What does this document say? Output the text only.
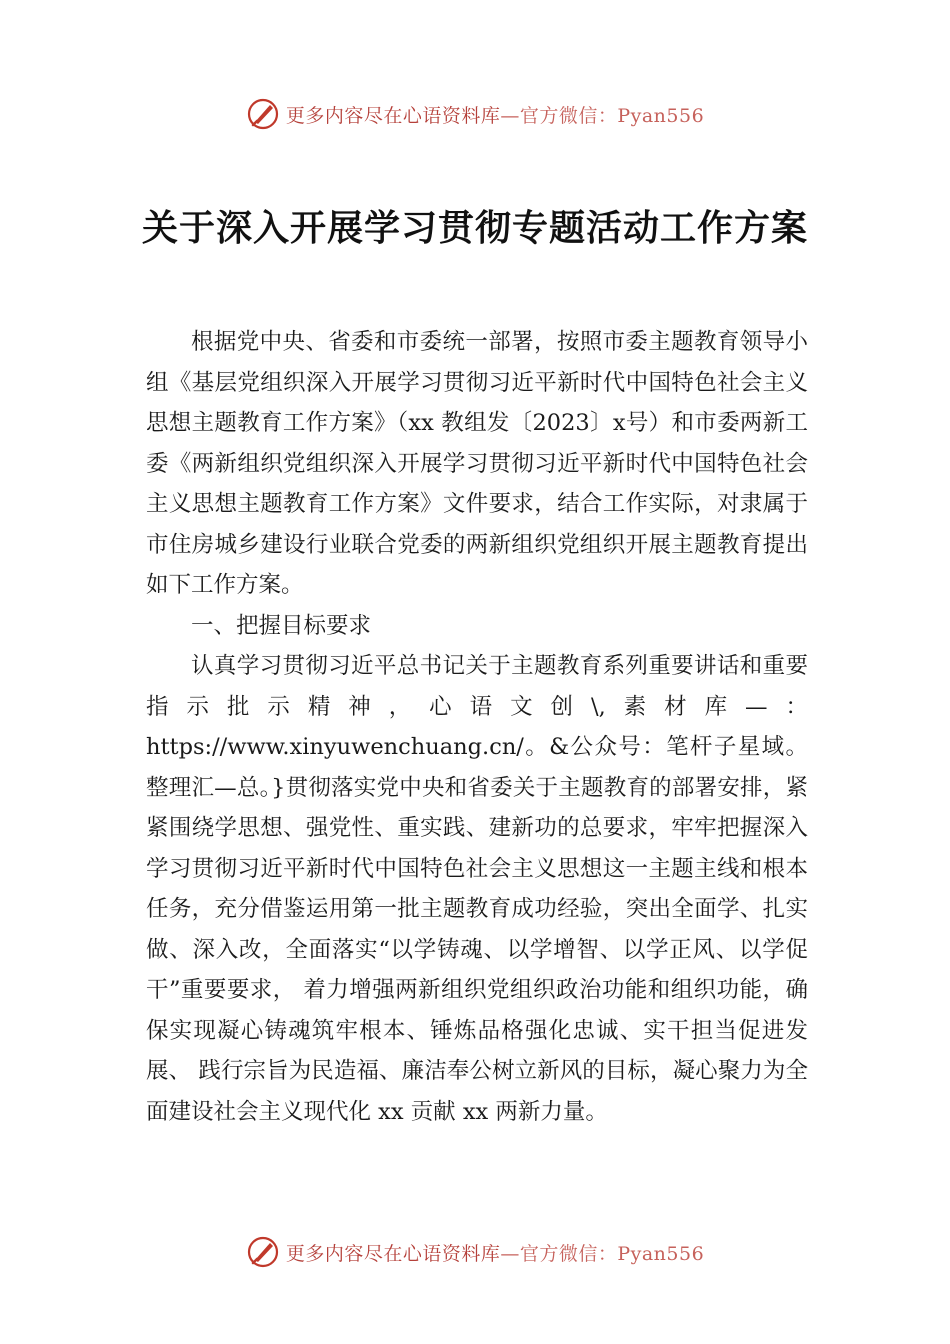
更多内容尽在心语资料库—官方微信：Pyan556
关于深入开展学习贯彻专题活动工作方案

根据党中央、省委和市委统一部署，按照市委主题教育领导小组《基层党组织深入开展学习贯彻习近平新时代中国特色社会主义思想主题教育工作方案》（xx 教组发〔2023〕x号）和市委两新工委《两新组织党组织深入开展学习贯彻习近平新时代中国特色社会主义思想主题教育工作方案》文件要求，结合工作实际，对隶属于市住房城乡建设行业联合党委的两新组织党组织开展主题教育提出如下工作方案。

一、把握目标要求

认真学习贯彻习近平总书记关于主题教育系列重要讲话和重要指示批示精神，心语文创\,素材库—：https://www.xinyuwenchuang.cn/。&公众号：笔杆子星域。整理汇—总。}贯彻落实党中央和省委关于主题教育的部署安排，紧紧围绕学思想、强党性、重实践、建新功的总要求，牢牢把握深入学习贯彻习近平新时代中国特色社会主义思想这一主题主线和根本任务，充分借鉴运用第一批主题教育成功经验，突出全面学、扎实做、深入改，全面落实“以学铸魂、以学增智、以学正风、以学促干”重要要求， 着力增强两新组织党组织政治功能和组织功能，确保实现凝心铸魂筑牢根本、锤炼品格强化忠诚、实干担当促进发展、 践行宗旨为民造福、廉洁奉公树立新风的目标，凝心聚力为全面建设社会主义现代化 xx 贡献 xx 两新力量。

更多内容尽在心语资料库—官方微信：Pyan556
